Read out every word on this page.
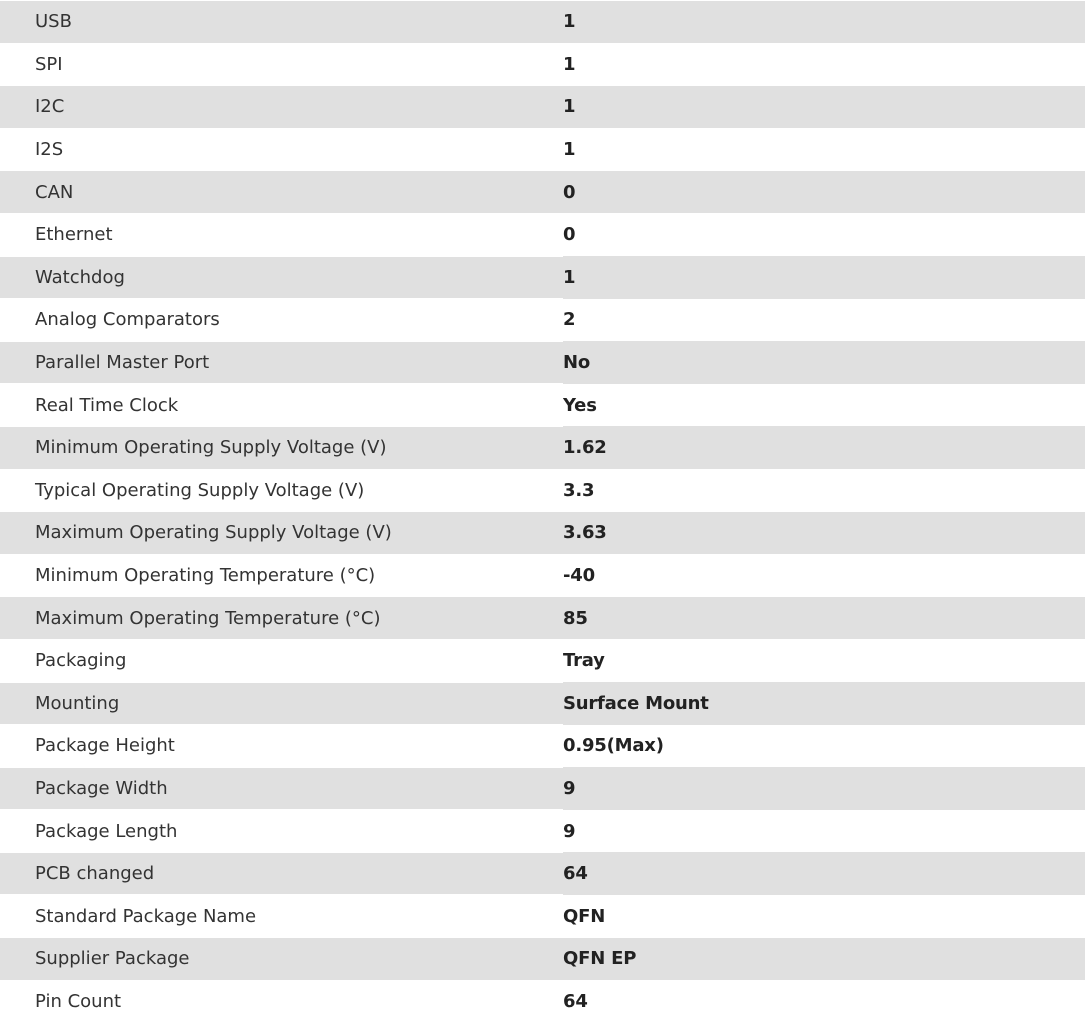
USB	1
SPI	1
I2C	1
I2S	1
CAN	0
Ethernet	0
Watchdog	1
Analog Comparators	2
Parallel Master Port	No
Real Time Clock	Yes
Minimum Operating Supply Voltage (V)	1.62
Typical Operating Supply Voltage (V)	3.3
Maximum Operating Supply Voltage (V)	3.63
Minimum Operating Temperature (°C)	-40
Maximum Operating Temperature (°C)	85
Packaging	Tray
Mounting	Surface Mount
Package Height	0.95(Max)
Package Width	9
Package Length	9
PCB changed	64
Standard Package Name	QFN
Supplier Package	QFN EP
Pin Count	64
